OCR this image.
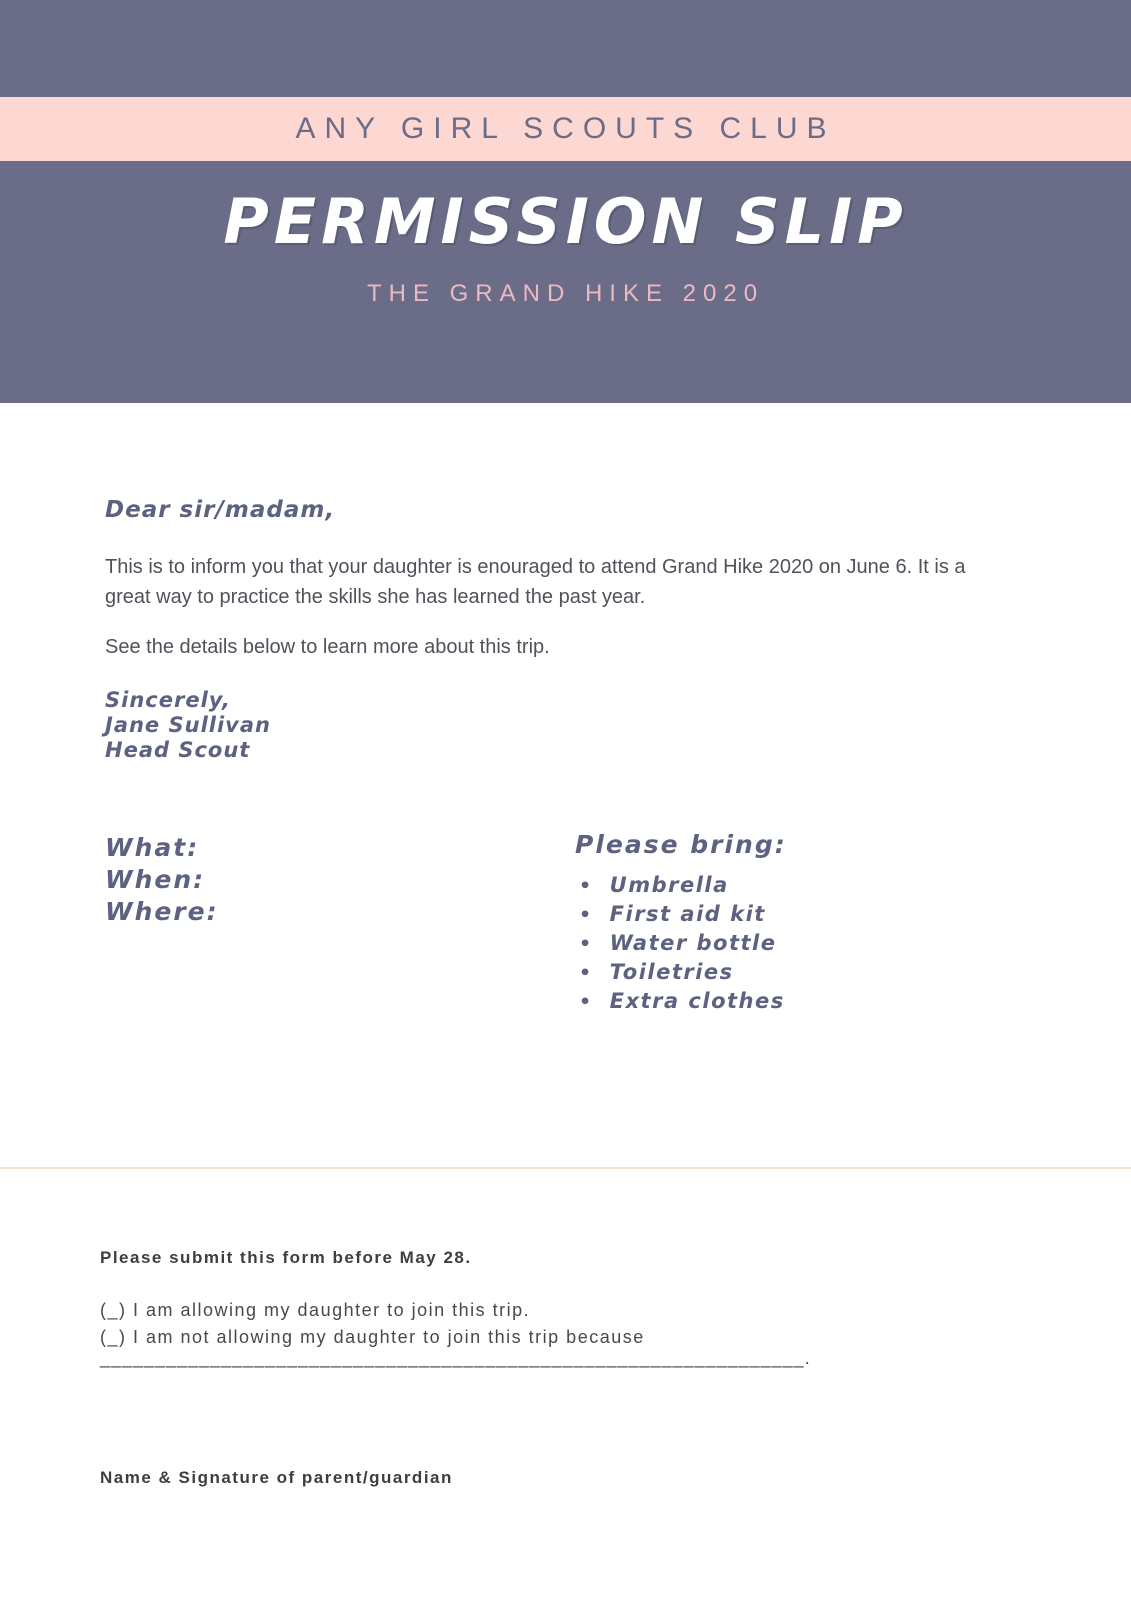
ANY GIRL SCOUTS CLUB
PERMISSION SLIP
THE GRAND HIKE 2020
Dear sir/madam,
This is to inform you that your daughter is enouraged to attend Grand Hike 2020 on June 6. It is a great way to practice the skills she has learned the past year.
See the details below to learn more about this trip.
Sincerely,
Jane Sullivan
Head Scout
What:
When:
Where:
Please bring:
• Umbrella
• First aid kit
• Water bottle
• Toiletries
• Extra clothes
Please submit this form before May 28.
(_) I am allowing my daughter to join this trip.
(_) I am not allowing my daughter to join this trip because
________________________________________________________________.
Name & Signature of parent/guardian
